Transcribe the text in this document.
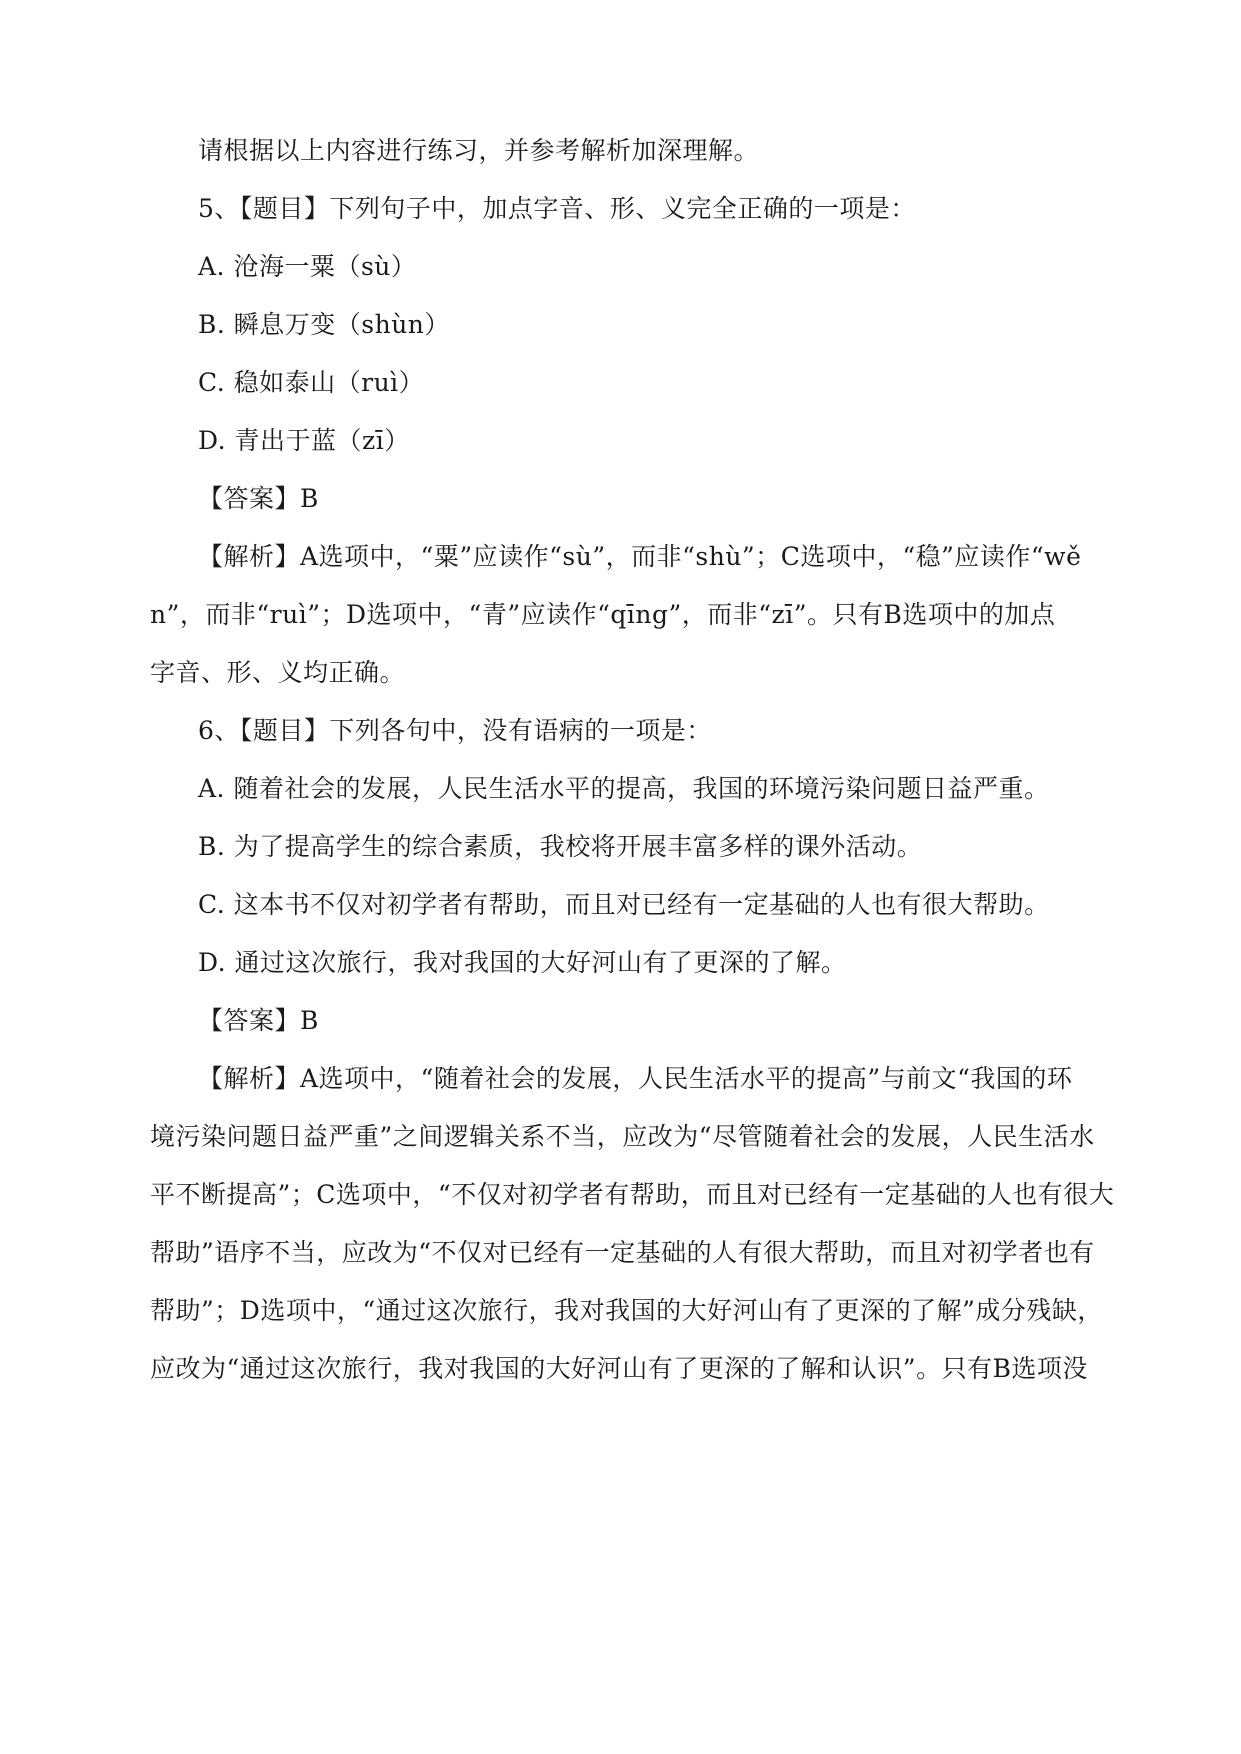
请根据以上内容进行练习，并参考解析加深理解。
5、【题目】下列句子中，加点字音、形、义完全正确的一项是：
A. 沧海一粟（sù）
B. 瞬息万变（shùn）
C. 稳如泰山（ruì）
D. 青出于蓝（zī）
【答案】B
【解析】A选项中，“粟”应读作“sù”，而非“shù”；C选项中，“稳”应读作“wě
n”，而非“ruì”；D选项中，“青”应读作“qīng”，而非“zī”。只有B选项中的加点
字音、形、义均正确。
6、【题目】下列各句中，没有语病的一项是：
A. 随着社会的发展，人民生活水平的提高，我国的环境污染问题日益严重。
B. 为了提高学生的综合素质，我校将开展丰富多样的课外活动。
C. 这本书不仅对初学者有帮助，而且对已经有一定基础的人也有很大帮助。
D. 通过这次旅行，我对我国的大好河山有了更深的了解。
【答案】B
【解析】A选项中，“随着社会的发展，人民生活水平的提高”与前文“我国的环
境污染问题日益严重”之间逻辑关系不当，应改为“尽管随着社会的发展，人民生活水
平不断提高”；C选项中，“不仅对初学者有帮助，而且对已经有一定基础的人也有很大
帮助”语序不当，应改为“不仅对已经有一定基础的人有很大帮助，而且对初学者也有
帮助”；D选项中，“通过这次旅行，我对我国的大好河山有了更深的了解”成分残缺，
应改为“通过这次旅行，我对我国的大好河山有了更深的了解和认识”。只有B选项没
